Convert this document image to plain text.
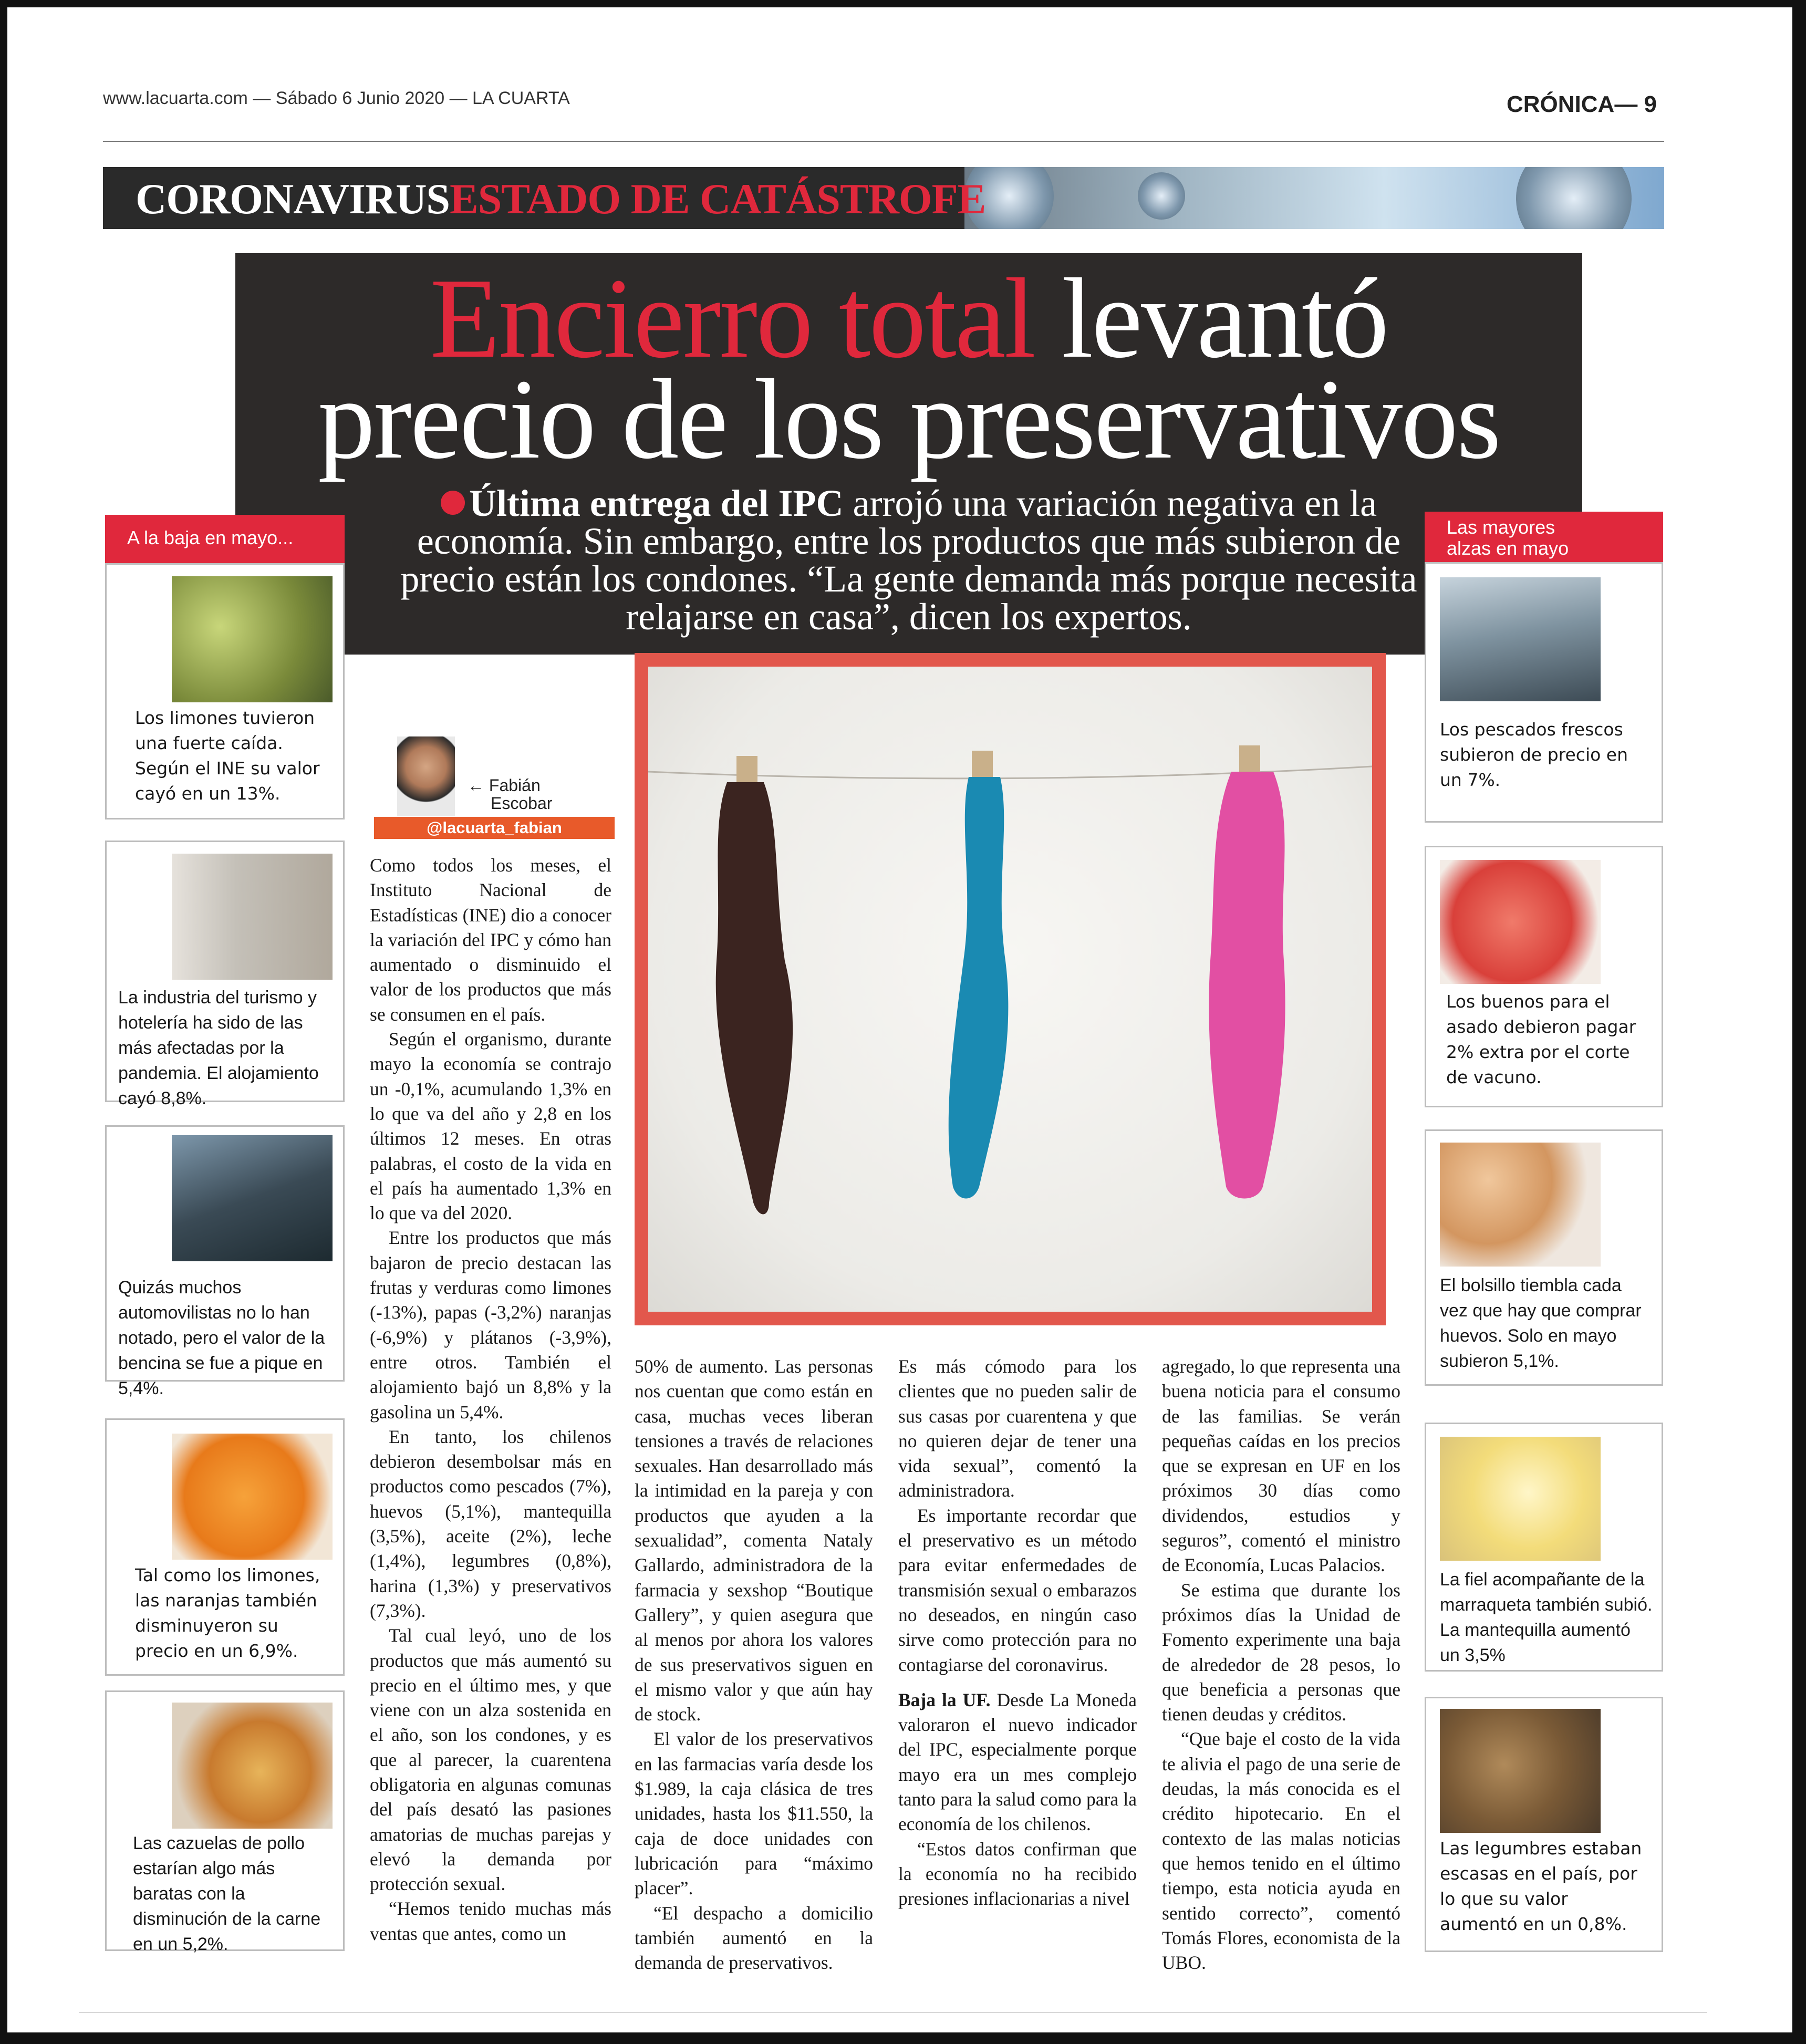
www.lacuarta.com — Sábado 6 Junio 2020 — LA CUARTA	CRÓNICA— 9
CORONAVIRUS ESTADO DE CATÁSTROFE
Encierro total levantó
precio de los preservativos
Última entrega del IPC arrojó una variación negativa en la economía. Sin embargo, entre los productos que más subieron de precio están los condones. “La gente demanda más porque necesita relajarse en casa”, dicen los expertos.
A la baja en mayo...
Los limones tuvieron una fuerte caída. Según el INE su valor cayó en un 13%.
La industria del turismo y hotelería ha sido de las más afectadas por la pandemia. El alojamiento cayó 8,8%.
Quizás muchos automovilistas no lo han notado, pero el valor de la bencina se fue a pique en 5,4%.
Tal como los limones, las naranjas también disminuyeron su precio en un 6,9%.
Las cazuelas de pollo estarían algo más baratas con la disminución de la carne en un 5,2%.
← Fabián
Escobar
@lacuarta_fabian

Como todos los meses, el Instituto Nacional de Estadísticas (INE) dio a conocer la variación del IPC y cómo han aumentado o disminuido el valor de los productos que más se consumen en el país.

Según el organismo, durante mayo la economía se contrajo un -0,1%, acumulando 1,3% en lo que va del año y 2,8 en los últimos 12 meses. En otras palabras, el costo de la vida en el país ha aumentado 1,3% en lo que va del 2020.

Entre los productos que más bajaron de precio destacan las frutas y verduras como limones (-13%), papas (-3,2%) naranjas (-6,9%) y plátanos (-3,9%), entre otros. También el alojamiento bajó un 8,8% y la gasolina un 5,4%.

En tanto, los chilenos debieron desembolsar más en productos como pescados (7%), huevos (5,1%), mantequilla (3,5%), aceite (2%), leche (1,4%), legumbres (0,8%), harina (1,3%) y preservativos (7,3%).

Tal cual leyó, uno de los productos que más aumentó su precio en el último mes, y que viene con un alza sostenida en el año, son los condones, y es que al parecer, la cuarentena obligatoria en algunas comunas del país desató las pasiones amatorias de muchas parejas y elevó la demanda por protección sexual.

“Hemos tenido muchas más ventas que antes, como un

50% de aumento. Las personas nos cuentan que como están en casa, muchas veces liberan tensiones a través de relaciones sexuales. Han desarrollado más la intimidad en la pareja y con productos que ayuden a la sexualidad”, comenta Nataly Gallardo, administradora de la farmacia y sexshop “Boutique Gallery”, y quien asegura que al menos por ahora los valores de sus preservativos siguen en el mismo valor y que aún hay de stock.

El valor de los preservativos en las farmacias varía desde los $1.989, la caja clásica de tres unidades, hasta los $11.550, la caja de doce unidades con lubricación para “máximo placer”.

“El despacho a domicilio también aumentó en la demanda de preservativos.

Es más cómodo para los clientes que no pueden salir de sus casas por cuarentena y que no quieren dejar de tener una vida sexual”, comentó la administradora.

Es importante recordar que el preservativo es un método para evitar enfermedades de transmisión sexual o embarazos no deseados, en ningún caso sirve como protección para no contagiarse del coronavirus.

Baja la UF. Desde La Moneda valoraron el nuevo indicador del IPC, especialmente porque mayo era un mes complejo tanto para la salud como para la economía de los chilenos.

“Estos datos confirman que la economía no ha recibido presiones inflacionarias a nivel

agregado, lo que representa una buena noticia para el consumo de las familias. Se verán pequeñas caídas en los precios que se expresan en UF en los próximos 30 días como dividendos, estudios y seguros”, comentó el ministro de Economía, Lucas Palacios.

Se estima que durante los próximos días la Unidad de Fomento experimente una baja de alrededor de 28 pesos, lo que beneficia a personas que tienen deudas y créditos.

“Que baje el costo de la vida te alivia el pago de una serie de deudas, la más conocida es el crédito hipotecario. En el contexto de las malas noticias que hemos tenido en el último tiempo, esta noticia ayuda en sentido correcto”, comentó Tomás Flores, economista de la UBO.

Las mayores alzas en mayo
Los pescados frescos subieron de precio en un 7%.
Los buenos para el asado debieron pagar 2% extra por el corte de vacuno.
El bolsillo tiembla cada vez que hay que comprar huevos. Solo en mayo subieron 5,1%.
La fiel acompañante de la marraqueta también subió. La mantequilla aumentó un 3,5%
Las legumbres estaban escasas en el país, por lo que su valor aumentó en un 0,8%.
